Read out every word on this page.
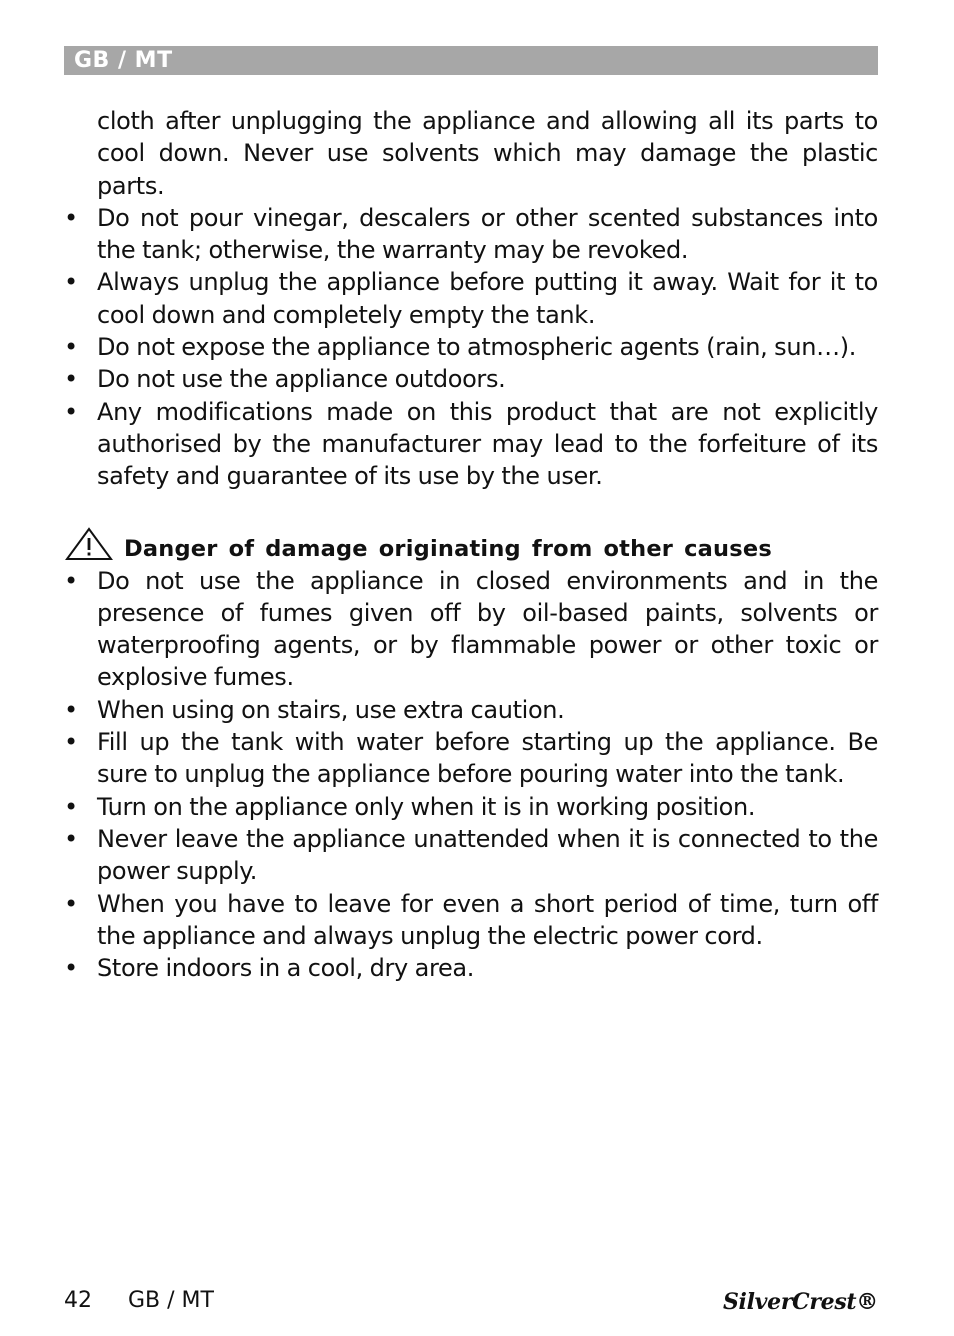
GB / MT

cloth after unplugging the appliance and allowing all its parts to cool down. Never use solvents which may damage the plastic parts.

• Do not pour vinegar, descalers or other scented substances into the tank; otherwise, the warranty may be revoked.
• Always unplug the appliance before putting it away. Wait for it to cool down and completely empty the tank.
• Do not expose the appliance to atmospheric agents (rain, sun…).
• Do not use the appliance outdoors.
• Any modifications made on this product that are not explicitly authorised by the manufacturer may lead to the forfeiture of its safety and guarantee of its use by the user.
Danger of damage originating from other causes
• Do not use the appliance in closed environments and in the presence of fumes given off by oil-based paints, solvents or waterproofing agents, or by flammable power or other toxic or explosive fumes.
• When using on stairs, use extra caution.
• Fill up the tank with water before starting up the appliance. Be sure to unplug the appliance before pouring water into the tank.
• Turn on the appliance only when it is in working position.
• Never leave the appliance unattended when it is connected to the power supply.
• When you have to leave for even a short period of time, turn off the appliance and always unplug the electric power cord.
• Store indoors in a cool, dry area.
42 GB / MT	SilverCrest®
